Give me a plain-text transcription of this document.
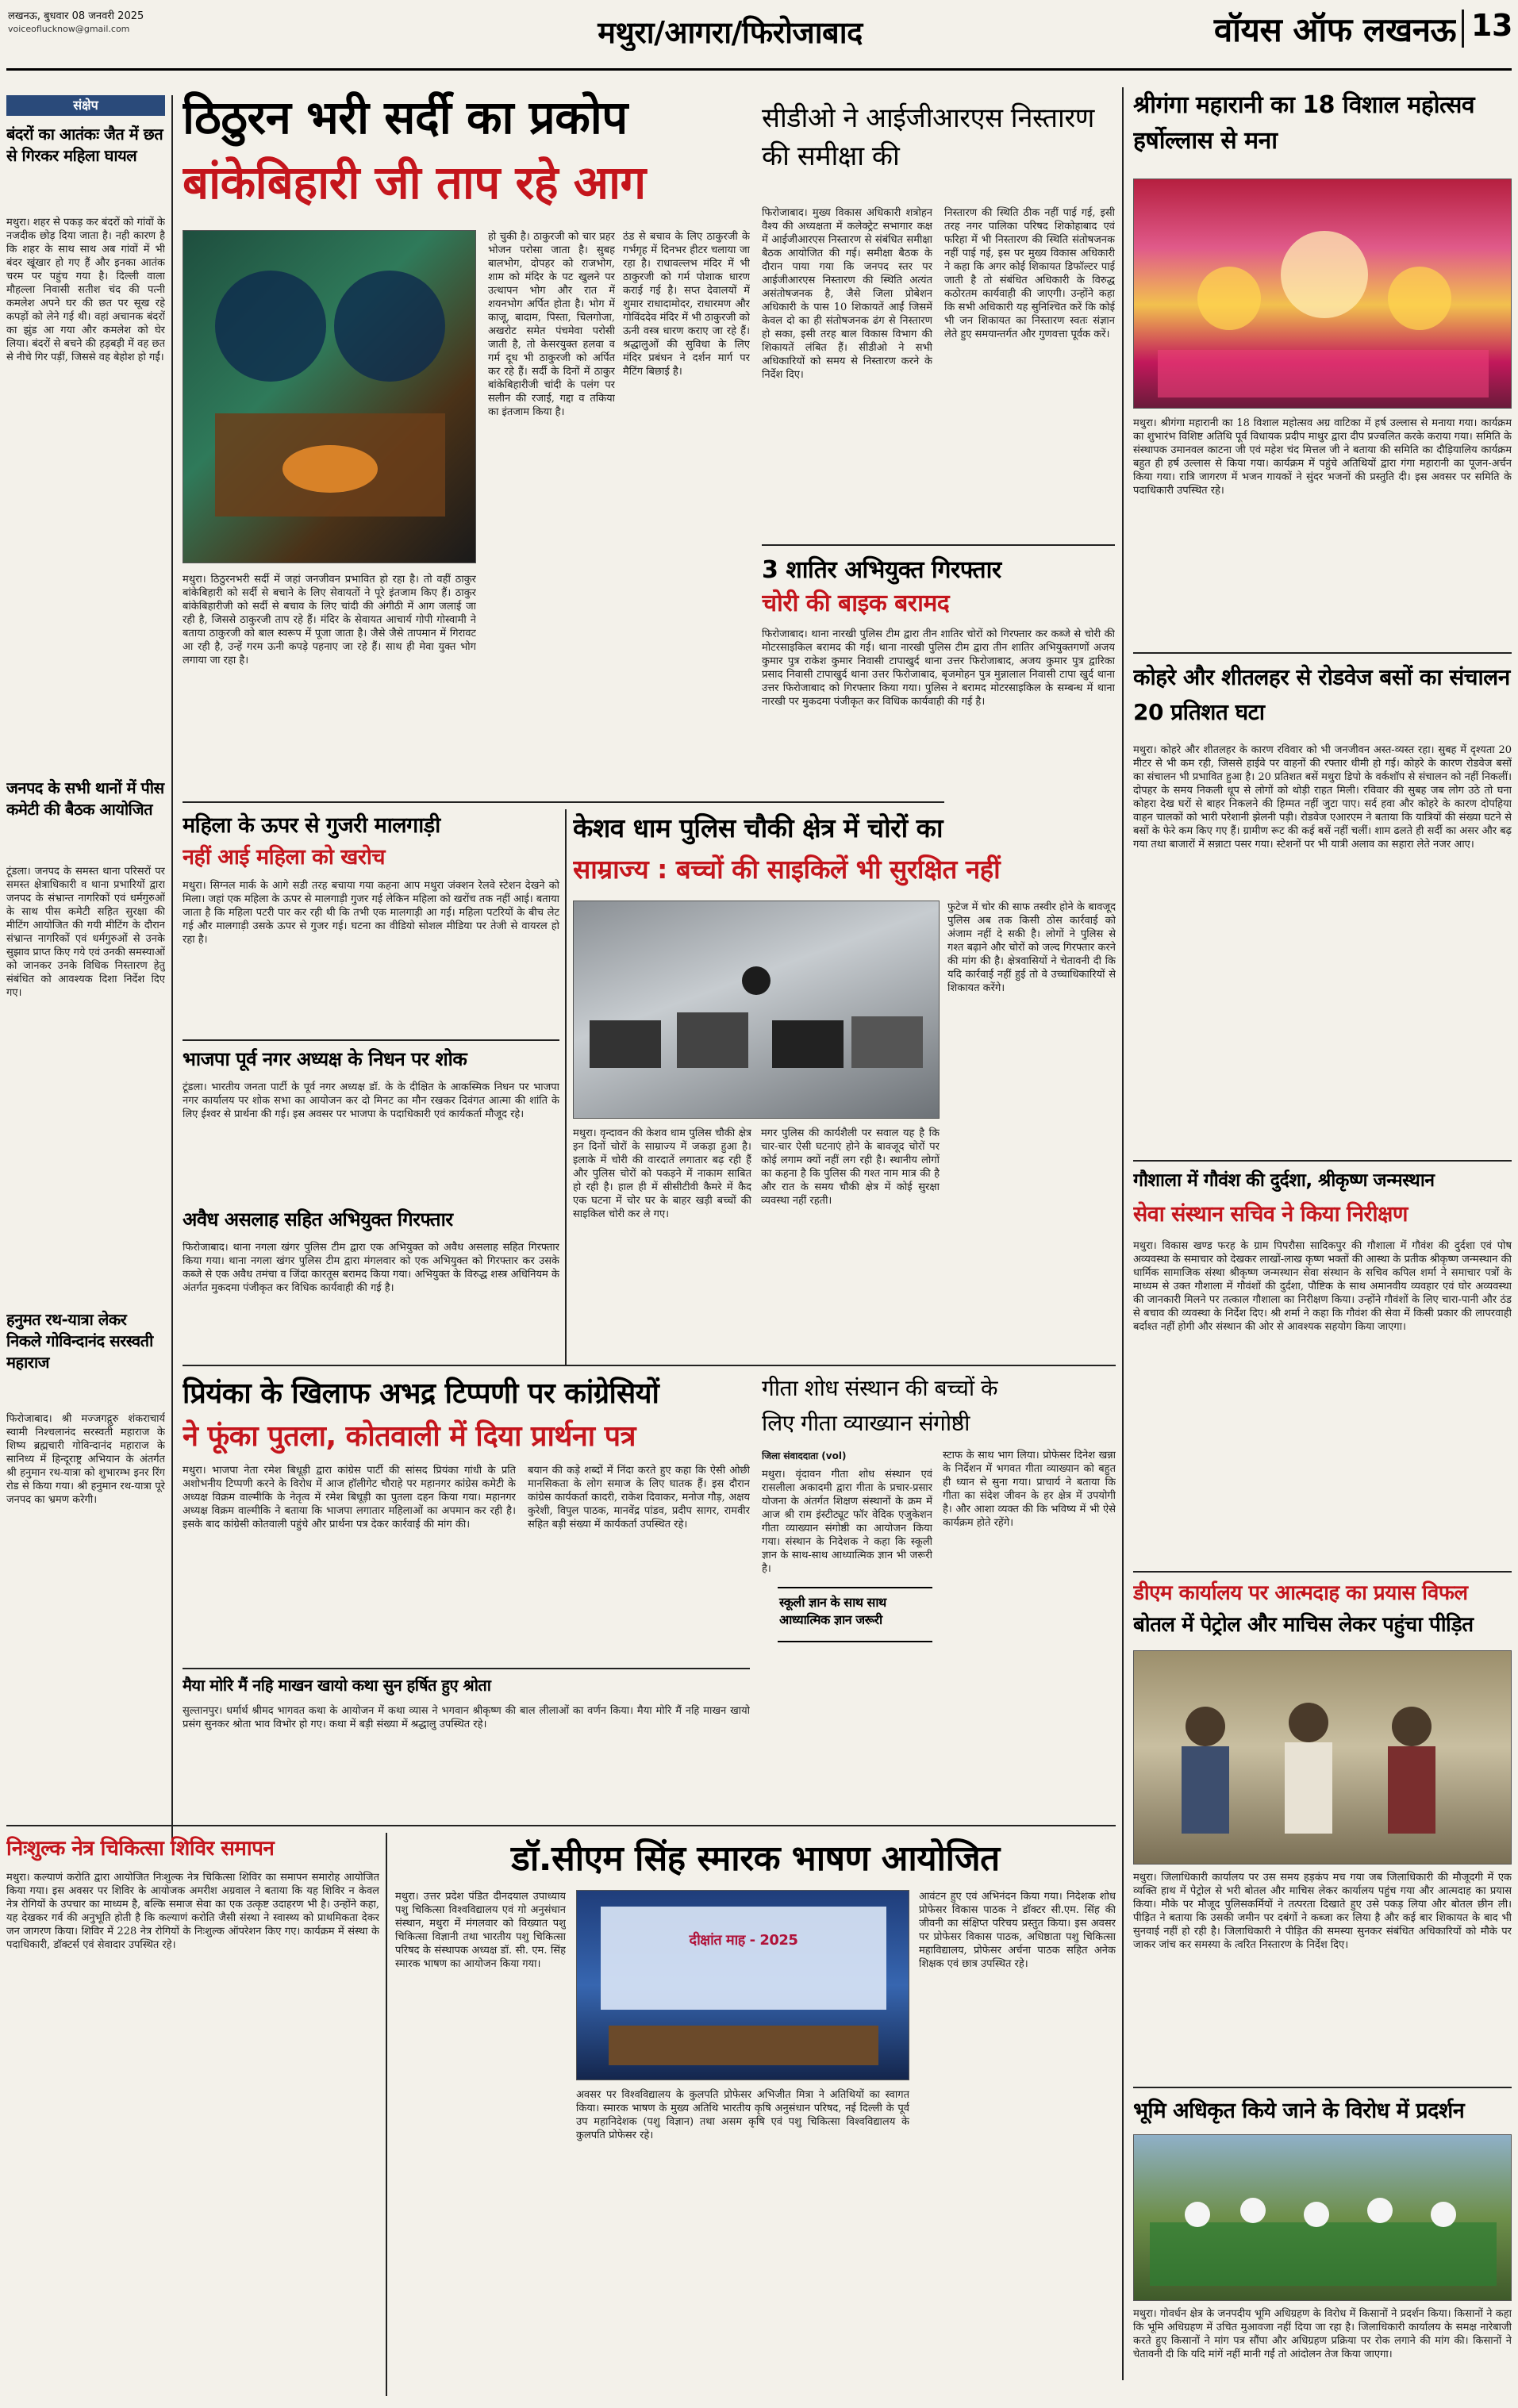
लखनऊ, बुधवार 08 जनवरी 2025
voiceoflucknow@gmail.com	मथुरा/आगरा/फिरोजाबाद	वॉयस ऑफ लखनऊ 13
संक्षेप
बंदरों का आतंकः जैत में छत से गिरकर महिला घायल
मथुरा। शहर से पकड़ कर बंदरों को गांवों के नजदीक छोड़ दिया जाता है। नही कारण है कि शहर के साथ साथ अब गांवों में भी बंदर खूंखार हो गए हैं और इनका आतंक चरम पर पहुंच गया है। दिल्ली वाला मौहल्ला निवासी सतीश चंद की पत्नी कमलेश अपने घर की छत पर सूख रहे कपड़ों को लेने गई थी। वहां अचानक बंदरों का झुंड आ गया और कमलेश को घेर लिया। बंदरों से बचने की हड़बड़ी में वह छत से नीचे गिर पड़ीं, जिससे वह बेहोश हो गईं।
जनपद के सभी थानों में पीस कमेटी की बैठक आयोजित
टूंडला। जनपद के समस्त थाना परिसरों पर समस्त क्षेत्राधिकारी व थाना प्रभारियों द्वारा जनपद के संभ्रान्त नागरिकों एवं धर्मगुरुओं के साथ पीस कमेटी सहित सुरक्षा की मीटिंग आयोजित की गयी मीटिंग के दौरान संभ्रान्त नागरिकों एवं धर्मगुरुओं से उनके सुझाव प्राप्त किए गये एवं उनकी समस्याओं को जानकर उनके विधिक निस्तारण हेतु संबंधित को आवश्यक दिशा निर्देश दिए गए।
हनुमत रथ-यात्रा लेकर निकले गोविन्दानंद सरस्वती महाराज
फिरोजाबाद। श्री मज्जगद्गुरु शंकराचार्य स्वामी निश्चलानंद सरस्वती महाराज के शिष्य ब्रह्मचारी गोविन्दानंद महाराज के सानिध्य में हिन्दूराष्ट्र अभियान के अंतर्गत श्री हनुमान रथ-यात्रा को शुभारम्भ इनर रिंग रोड से किया गया। श्री हनुमान रथ-यात्रा पूरे जनपद का भ्रमण करेगी।
ठिठुरन भरी सर्दी का प्रकोप
बांकेबिहारी जी ताप रहे आग
मथुरा। ठिठुरनभरी सर्दी में जहां जनजीवन प्रभावित हो रहा है। तो वहीं ठाकुर बांकेबिहारी को सर्दी से बचाने के लिए सेवायतों ने पूरे इंतजाम किए हैं। ठाकुर बांकेबिहारीजी को सर्दी से बचाव के लिए चांदी की अंगीठी में आग जलाई जा रही है, जिससे ठाकुरजी ताप रहे हैं। मंदिर के सेवायत आचार्य गोपी गोस्वामी ने बताया ठाकुरजी को बाल स्वरूप में पूजा जाता है। जैसे जैसे तापमान में गिरावट आ रही है, उन्हें गरम ऊनी कपड़े पहनाए जा रहे हैं। साथ ही मेवा युक्त भोग लगाया जा रहा है।
हो चुकी है। ठाकुरजी को चार प्रहर भोजन परोसा जाता है। सुबह बालभोग, दोपहर को राजभोग, शाम को मंदिर के पट खुलने पर उत्थापन भोग और रात में शयनभोग अर्पित होता है। भोग में काजू, बादाम, पिस्ता, चिलगोजा, अखरोट समेत पंचमेवा परोसी जाती है, तो केसरयुक्त हलवा व गर्म दूध भी ठाकुरजी को अर्पित कर रहे हैं। सर्दी के दिनों में ठाकुर बांकेबिहारीजी चांदी के पलंग पर सलीन की रजाई, गद्दा व तकिया का इंतजाम किया है।
ठंड से बचाव के लिए ठाकुरजी के गर्भगृह में दिनभर हीटर चलाया जा रहा है। राधावल्लभ मंदिर में भी ठाकुरजी को गर्म पोशाक धारण कराई गई है। सप्त देवालयों में शुमार राधादामोदर, राधारमण और गोविंददेव मंदिर में भी ठाकुरजी को ऊनी वस्त्र धारण कराए जा रहे हैं। श्रद्धालुओं की सुविधा के लिए मंदिर प्रबंधन ने दर्शन मार्ग पर मैटिंग बिछाई है।
सीडीओ ने आईजीआरएस निस्तारण की समीक्षा की
फिरोजाबाद। मुख्य विकास अधिकारी शत्रोहन वैश्य की अध्यक्षता में कलेक्ट्रेट सभागार कक्ष में आईजीआरएस निस्तारण से संबंधित समीक्षा बैठक आयोजित की गई। समीक्षा बैठक के दौरान पाया गया कि जनपद स्तर पर आईजीआरएस निस्तारण की स्थिति अत्यंत असंतोषजनक है, जैसे जिला प्रोबेशन अधिकारी के पास 10 शिकायतें आईं जिसमें केवल दो का ही संतोषजनक ढंग से निस्तारण हो सका, इसी तरह बाल विकास विभाग की शिकायतें लंबित हैं। सीडीओ ने सभी अधिकारियों को समय से निस्तारण करने के निर्देश दिए।
निस्तारण की स्थिति ठीक नहीं पाई गई, इसी तरह नगर पालिका परिषद शिकोहाबाद एवं फरिहा में भी निस्तारण की स्थिति संतोषजनक नहीं पाई गई, इस पर मुख्य विकास अधिकारी ने कहा कि अगर कोई शिकायत डिफॉल्टर पाई जाती है तो संबंधित अधिकारी के विरुद्ध कठोरतम कार्यवाही की जाएगी। उन्होंने कहा कि सभी अधिकारी यह सुनिश्चित करें कि कोई भी जन शिकायत का निस्तारण स्वतः संज्ञान लेते हुए समयान्तर्गत और गुणवत्ता पूर्वक करें।
3 शातिर अभियुक्त गिरफ्तार
चोरी की बाइक बरामद
फिरोजाबाद। थाना नारखी पुलिस टीम द्वारा तीन शातिर चोरों को गिरफ्तार कर कब्जे से चोरी की मोटरसाइकिल बरामद की गई। थाना नारखी पुलिस टीम द्वारा तीन शातिर अभियुक्तगणों अजय कुमार पुत्र राकेश कुमार निवासी टापाखुर्द थाना उत्तर फिरोजाबाद, अजय कुमार पुत्र द्वारिका प्रसाद निवासी टापाखुर्द थाना उत्तर फिरोजाबाद, बृजमोहन पुत्र मुन्नालाल निवासी टापा खुर्द थाना उत्तर फिरोजाबाद को गिरफ्तार किया गया। पुलिस ने बरामद मोटरसाइकिल के सम्बन्ध में थाना नारखी पर मुकदमा पंजीकृत कर विधिक कार्यवाही की गई है।
श्रीगंगा महारानी का 18 विशाल महोत्सव हर्षोल्लास से मना
मथुरा। श्रीगंगा महारानी का 18 विशाल महोत्सव अग्र वाटिका में हर्ष उल्लास से मनाया गया। कार्यक्रम का शुभारंभ विशिष्ट अतिथि पूर्व विधायक प्रदीप माथुर द्वारा दीप प्रज्वलित करके कराया गया। समिति के संस्थापक उमानवल काटना जी एवं महेश चंद मित्तल जी ने बताया की समिति का दौड़ियालिय कार्यक्रम बहुत ही हर्ष उल्लास से किया गया। कार्यक्रम में पहुंचे अतिथियों द्वारा गंगा महारानी का पूजन-अर्चन किया गया। रात्रि जागरण में भजन गायकों ने सुंदर भजनों की प्रस्तुति दी। इस अवसर पर समिति के पदाधिकारी उपस्थित रहे।
कोहरे और शीतलहर से रोडवेज बसों का संचालन 20 प्रतिशत घटा
मथुरा। कोहरे और शीतलहर के कारण रविवार को भी जनजीवन अस्त-व्यस्त रहा। सुबह में दृश्यता 20 मीटर से भी कम रही, जिससे हाईवे पर वाहनों की रफ्तार धीमी हो गई। कोहरे के कारण रोडवेज बसों का संचालन भी प्रभावित हुआ है। 20 प्रतिशत बसें मथुरा डिपो के वर्कशॉप से संचालन को नहीं निकलीं। दोपहर के समय निकली धूप से लोगों को थोड़ी राहत मिली। रविवार की सुबह जब लोग उठे तो घना कोहरा देख घरों से बाहर निकलने की हिम्मत नहीं जुटा पाए। सर्द हवा और कोहरे के कारण दोपहिया वाहन चालकों को भारी परेशानी झेलनी पड़ी। रोडवेज एआरएम ने बताया कि यात्रियों की संख्या घटने से बसों के फेरे कम किए गए हैं। ग्रामीण रूट की कई बसें नहीं चलीं। शाम ढलते ही सर्दी का असर और बढ़ गया तथा बाजारों में सन्नाटा पसर गया। स्टेशनों पर भी यात्री अलाव का सहारा लेते नजर आए।
गौशाला में गौवंश की दुर्दशा, श्रीकृष्ण जन्मस्थान
सेवा संस्थान सचिव ने किया निरीक्षण
मथुरा। विकास खण्ड फरह के ग्राम पिपरौसा सादिकपुर की गौशाला में गौवंश की दुर्दशा एवं पोष अव्यवस्था के समाचार को देखकर लाखों-लाख कृष्ण भक्तों की आस्था के प्रतीक श्रीकृष्ण जन्मस्थान की धार्मिक सामाजिक संस्था श्रीकृष्ण जन्मस्थान सेवा संस्थान के सचिव कपिल शर्मा ने समाचार पत्रों के माध्यम से उक्त गौशाला में गौवंशों की दुर्दशा, पौष्टिक के साथ अमानवीय व्यवहार एवं घोर अव्यवस्था की जानकारी मिलने पर तत्काल गौशाला का निरीक्षण किया। उन्होंने गौवंशों के लिए चारा-पानी और ठंड से बचाव की व्यवस्था के निर्देश दिए। श्री शर्मा ने कहा कि गौवंश की सेवा में किसी प्रकार की लापरवाही बर्दाश्त नहीं होगी और संस्थान की ओर से आवश्यक सहयोग किया जाएगा।
डीएम कार्यालय पर आत्मदाह का प्रयास विफल
बोतल में पेट्रोल और माचिस लेकर पहुंचा पीड़ित
मथुरा। जिलाधिकारी कार्यालय पर उस समय हड़कंप मच गया जब जिलाधिकारी की मौजूदगी में एक व्यक्ति हाथ में पेट्रोल से भरी बोतल और माचिस लेकर कार्यालय पहुंच गया और आत्मदाह का प्रयास किया। मौके पर मौजूद पुलिसकर्मियों ने तत्परता दिखाते हुए उसे पकड़ लिया और बोतल छीन ली। पीड़ित ने बताया कि उसकी जमीन पर दबंगों ने कब्जा कर लिया है और कई बार शिकायत के बाद भी सुनवाई नहीं हो रही है। जिलाधिकारी ने पीड़ित की समस्या सुनकर संबंधित अधिकारियों को मौके पर जाकर जांच कर समस्या के त्वरित निस्तारण के निर्देश दिए।
भूमि अधिकृत किये जाने के विरोध में प्रदर्शन
मथुरा। गोवर्धन क्षेत्र के जनपदीय भूमि अधिग्रहण के विरोध में किसानों ने प्रदर्शन किया। किसानों ने कहा कि भूमि अधिग्रहण में उचित मुआवजा नहीं दिया जा रहा है। जिलाधिकारी कार्यालय के समक्ष नारेबाजी करते हुए किसानों ने मांग पत्र सौंपा और अधिग्रहण प्रक्रिया पर रोक लगाने की मांग की। किसानों ने चेतावनी दी कि यदि मांगें नहीं मानी गईं तो आंदोलन तेज किया जाएगा।
महिला के ऊपर से गुजरी मालगाड़ी
नहीं आई महिला को खरोच
मथुरा। सिग्नल मार्क के आगे सडी तरह बचाया गया कहना आप मथुरा जंक्शन रेलवे स्टेशन देखने को मिला। जहां एक महिला के ऊपर से मालगाड़ी गुजर गई लेकिन महिला को खरोंच तक नहीं आई। बताया जाता है कि महिला पटरी पार कर रही थी कि तभी एक मालगाड़ी आ गई। महिला पटरियों के बीच लेट गई और मालगाड़ी उसके ऊपर से गुजर गई। घटना का वीडियो सोशल मीडिया पर तेजी से वायरल हो रहा है।
भाजपा पूर्व नगर अध्यक्ष के निधन पर शोक
टूंडला। भारतीय जनता पार्टी के पूर्व नगर अध्यक्ष डॉ. के के दीक्षित के आकस्मिक निधन पर भाजपा नगर कार्यालय पर शोक सभा का आयोजन कर दो मिनट का मौन रखकर दिवंगत आत्मा की शांति के लिए ईश्वर से प्रार्थना की गई। इस अवसर पर भाजपा के पदाधिकारी एवं कार्यकर्ता मौजूद रहे।
अवैध असलाह सहित अभियुक्त गिरफ्तार
फिरोजाबाद। थाना नगला खंगर पुलिस टीम द्वारा एक अभियुक्त को अवैध असलाह सहित गिरफ्तार किया गया। थाना नगला खंगर पुलिस टीम द्वारा मंगलवार को एक अभियुक्त को गिरफ्तार कर उसके कब्जे से एक अवैध तमंचा व जिंदा कारतूस बरामद किया गया। अभियुक्त के विरुद्ध शस्त्र अधिनियम के अंतर्गत मुकदमा पंजीकृत कर विधिक कार्यवाही की गई है।
केशव धाम पुलिस चौकी क्षेत्र में चोरों का
साम्राज्य : बच्चों की साइकिलें भी सुरक्षित नहीं
फुटेज में चोर की साफ तस्वीर होने के बावजूद पुलिस अब तक किसी ठोस कार्रवाई को अंजाम नहीं दे सकी है। लोगों ने पुलिस से गश्त बढ़ाने और चोरों को जल्द गिरफ्तार करने की मांग की है। क्षेत्रवासियों ने चेतावनी दी कि यदि कार्रवाई नहीं हुई तो वे उच्चाधिकारियों से शिकायत करेंगे।
मथुरा। वृन्दावन की केशव धाम पुलिस चौकी क्षेत्र इन दिनों चोरों के साम्राज्य में जकड़ा हुआ है। इलाके में चोरी की वारदातें लगातार बढ़ रही हैं और पुलिस चोरों को पकड़ने में नाकाम साबित हो रही है। हाल ही में सीसीटीवी कैमरे में कैद एक घटना में चोर घर के बाहर खड़ी बच्चों की साइकिल चोरी कर ले गए।
मगर पुलिस की कार्यशैली पर सवाल यह है कि चार-चार ऐसी घटनाएं होने के बावजूद चोरों पर कोई लगाम क्यों नहीं लग रही है। स्थानीय लोगों का कहना है कि पुलिस की गश्त नाम मात्र की है और रात के समय चौकी क्षेत्र में कोई सुरक्षा व्यवस्था नहीं रहती।
प्रियंका के खिलाफ अभद्र टिप्पणी पर कांग्रेसियों
ने फूंका पुतला, कोतवाली में दिया प्रार्थना पत्र
मथुरा। भाजपा नेता रमेश बिधूड़ी द्वारा कांग्रेस पार्टी की सांसद प्रियंका गांधी के प्रति अशोभनीय टिप्पणी करने के विरोध में आज हॉलीगेट चौराहे पर महानगर कांग्रेस कमेटी के अध्यक्ष विक्रम वाल्मीकि के नेतृत्व में रमेश बिधूड़ी का पुतला दहन किया गया। महानगर अध्यक्ष विक्रम वाल्मीकि ने बताया कि भाजपा लगातार महिलाओं का अपमान कर रही है। इसके बाद कांग्रेसी कोतवाली पहुंचे और प्रार्थना पत्र देकर कार्रवाई की मांग की।
बयान की कड़े शब्दों में निंदा करते हुए कहा कि ऐसी ओछी मानसिकता के लोग समाज के लिए घातक हैं। इस दौरान कांग्रेस कार्यकर्ता कादरी, राकेश दिवाकर, मनोज गौड़, अक्षय कुरेशी, विपुल पाठक, मानवेंद्र पांडव, प्रदीप सागर, रामवीर सहित बड़ी संख्या में कार्यकर्ता उपस्थित रहे।
मैया मोरि मैं नहि माखन खायो कथा सुन हर्षित हुए श्रोता
सुल्तानपुर। धर्मार्थ श्रीमद भागवत कथा के आयोजन में कथा व्यास ने भगवान श्रीकृष्ण की बाल लीलाओं का वर्णन किया। मैया मोरि मैं नहि माखन खायो प्रसंग सुनकर श्रोता भाव विभोर हो गए। कथा में बड़ी संख्या में श्रद्धालु उपस्थित रहे।
गीता शोध संस्थान की बच्चों के
लिए गीता व्याख्यान संगोष्ठी
जिला संवाददाता (vol)
मथुरा। वृंदावन गीता शोध संस्थान एवं रासलीला अकादमी द्वारा गीता के प्रचार-प्रसार योजना के अंतर्गत शिक्षण संस्थानों के क्रम में आज श्री राम इंस्टीट्यूट फॉर वेदिक एजुकेशन गीता व्याख्यान संगोष्ठी का आयोजन किया गया। संस्थान के निदेशक ने कहा कि स्कूली ज्ञान के साथ-साथ आध्यात्मिक ज्ञान भी जरूरी है।
स्कूली ज्ञान के साथ साथ आध्यात्मिक ज्ञान जरूरी
स्टाफ के साथ भाग लिया। प्रोफेसर दिनेश खन्ना के निर्देशन में भगवत गीता व्याख्यान को बहुत ही ध्यान से सुना गया। प्राचार्य ने बताया कि गीता का संदेश जीवन के हर क्षेत्र में उपयोगी है। और आशा व्यक्त की कि भविष्य में भी ऐसे कार्यक्रम होते रहेंगे।
निःशुल्क नेत्र चिकित्सा शिविर समापन
मथुरा। कल्याणं करोति द्वारा आयोजित निःशुल्क नेत्र चिकित्सा शिविर का समापन समारोह आयोजित किया गया। इस अवसर पर शिविर के आयोजक अमरीश अग्रवाल ने बताया कि यह शिविर न केवल नेत्र रोगियों के उपचार का माध्यम है, बल्कि समाज सेवा का एक उत्कृष्ट उदाहरण भी है। उन्होंने कहा, यह देखकर गर्व की अनुभूति होती है कि कल्याणं करोति जैसी संस्था ने स्वास्थ्य को प्राथमिकता देकर जन जागरण किया। शिविर में 228 नेत्र रोगियों के निःशुल्क ऑपरेशन किए गए। कार्यक्रम में संस्था के पदाधिकारी, डॉक्टर्स एवं सेवादार उपस्थित रहे।
डॉ.सीएम सिंह स्मारक भाषण आयोजित
मथुरा। उत्तर प्रदेश पंडित दीनदयाल उपाध्याय पशु चिकित्सा विश्वविद्यालय एवं गो अनुसंधान संस्थान, मथुरा में मंगलवार को विख्यात पशु चिकित्सा विज्ञानी तथा भारतीय पशु चिकित्सा परिषद के संस्थापक अध्यक्ष डॉ. सी. एम. सिंह स्मारक भाषण का आयोजन किया गया।
दीक्षांत माह - 2025
अवसर पर विश्वविद्यालय के कुलपति प्रोफेसर अभिजीत मित्रा ने अतिथियों का स्वागत किया। स्मारक भाषण के मुख्य अतिथि भारतीय कृषि अनुसंधान परिषद, नई दिल्ली के पूर्व उप महानिदेशक (पशु विज्ञान) तथा असम कृषि एवं पशु चिकित्सा विश्वविद्यालय के कुलपति प्रोफेसर रहे।
आवंटन हुए एवं अभिनंदन किया गया। निदेशक शोध प्रोफेसर विकास पाठक ने डॉक्टर सी.एम. सिंह की जीवनी का संक्षिप्त परिचय प्रस्तुत किया। इस अवसर पर प्रोफेसर विकास पाठक, अधिष्ठाता पशु चिकित्सा महाविद्यालय, प्रोफेसर अर्चना पाठक सहित अनेक शिक्षक एवं छात्र उपस्थित रहे।
